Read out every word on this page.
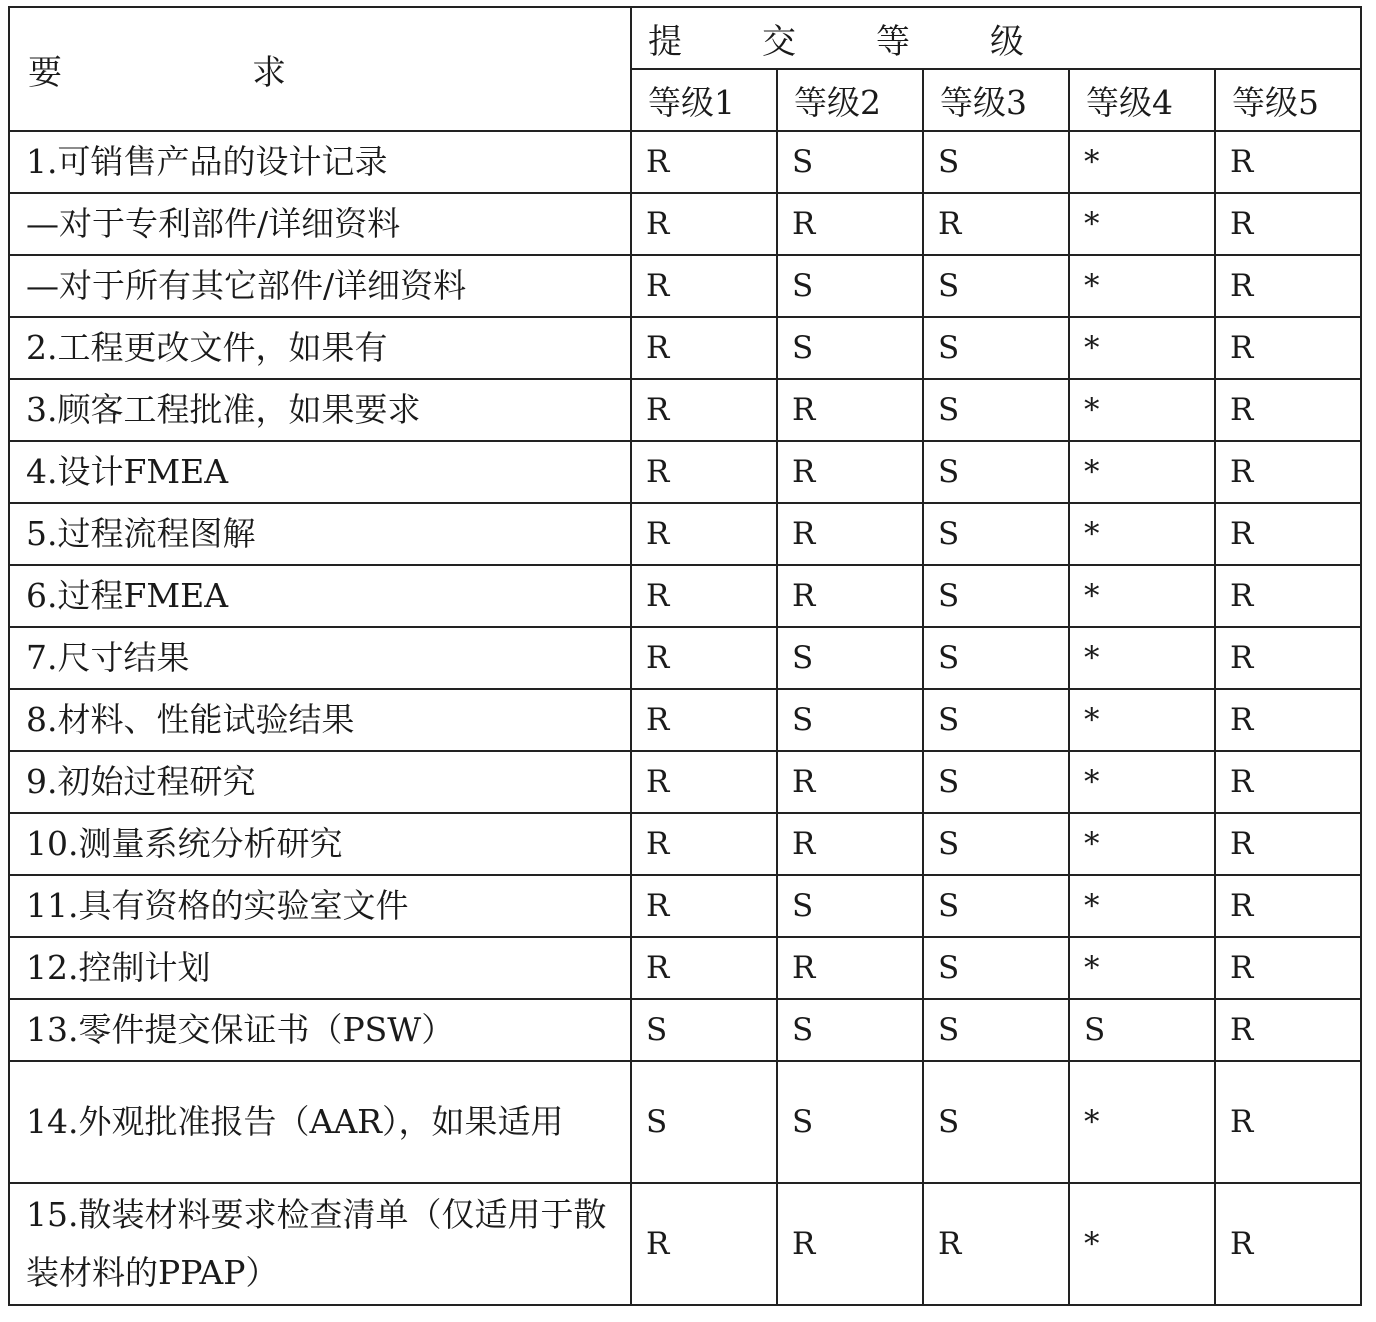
要 求	提 交 等 级				
	等级1	等级2	等级3	等级4	等级5
1.可销售产品的设计记录	R	S	S	*	R
—对于专利部件/详细资料	R	R	R	*	R
—对于所有其它部件/详细资料	R	S	S	*	R
2.工程更改文件，如果有	R	S	S	*	R
3.顾客工程批准，如果要求	R	R	S	*	R
4.设计FMEA	R	R	S	*	R
5.过程流程图解	R	R	S	*	R
6.过程FMEA	R	R	S	*	R
7.尺寸结果	R	S	S	*	R
8.材料、性能试验结果	R	S	S	*	R
9.初始过程研究	R	R	S	*	R
10.测量系统分析研究	R	R	S	*	R
11.具有资格的实验室文件	R	S	S	*	R
12.控制计划	R	R	S	*	R
13.零件提交保证书（PSW）	S	S	S	S	R
14.外观批准报告（AAR），如果适用	S	S	S	*	R
15.散装材料要求检查清单（仅适用于散装材料的PPAP）	R	R	R	*	R
